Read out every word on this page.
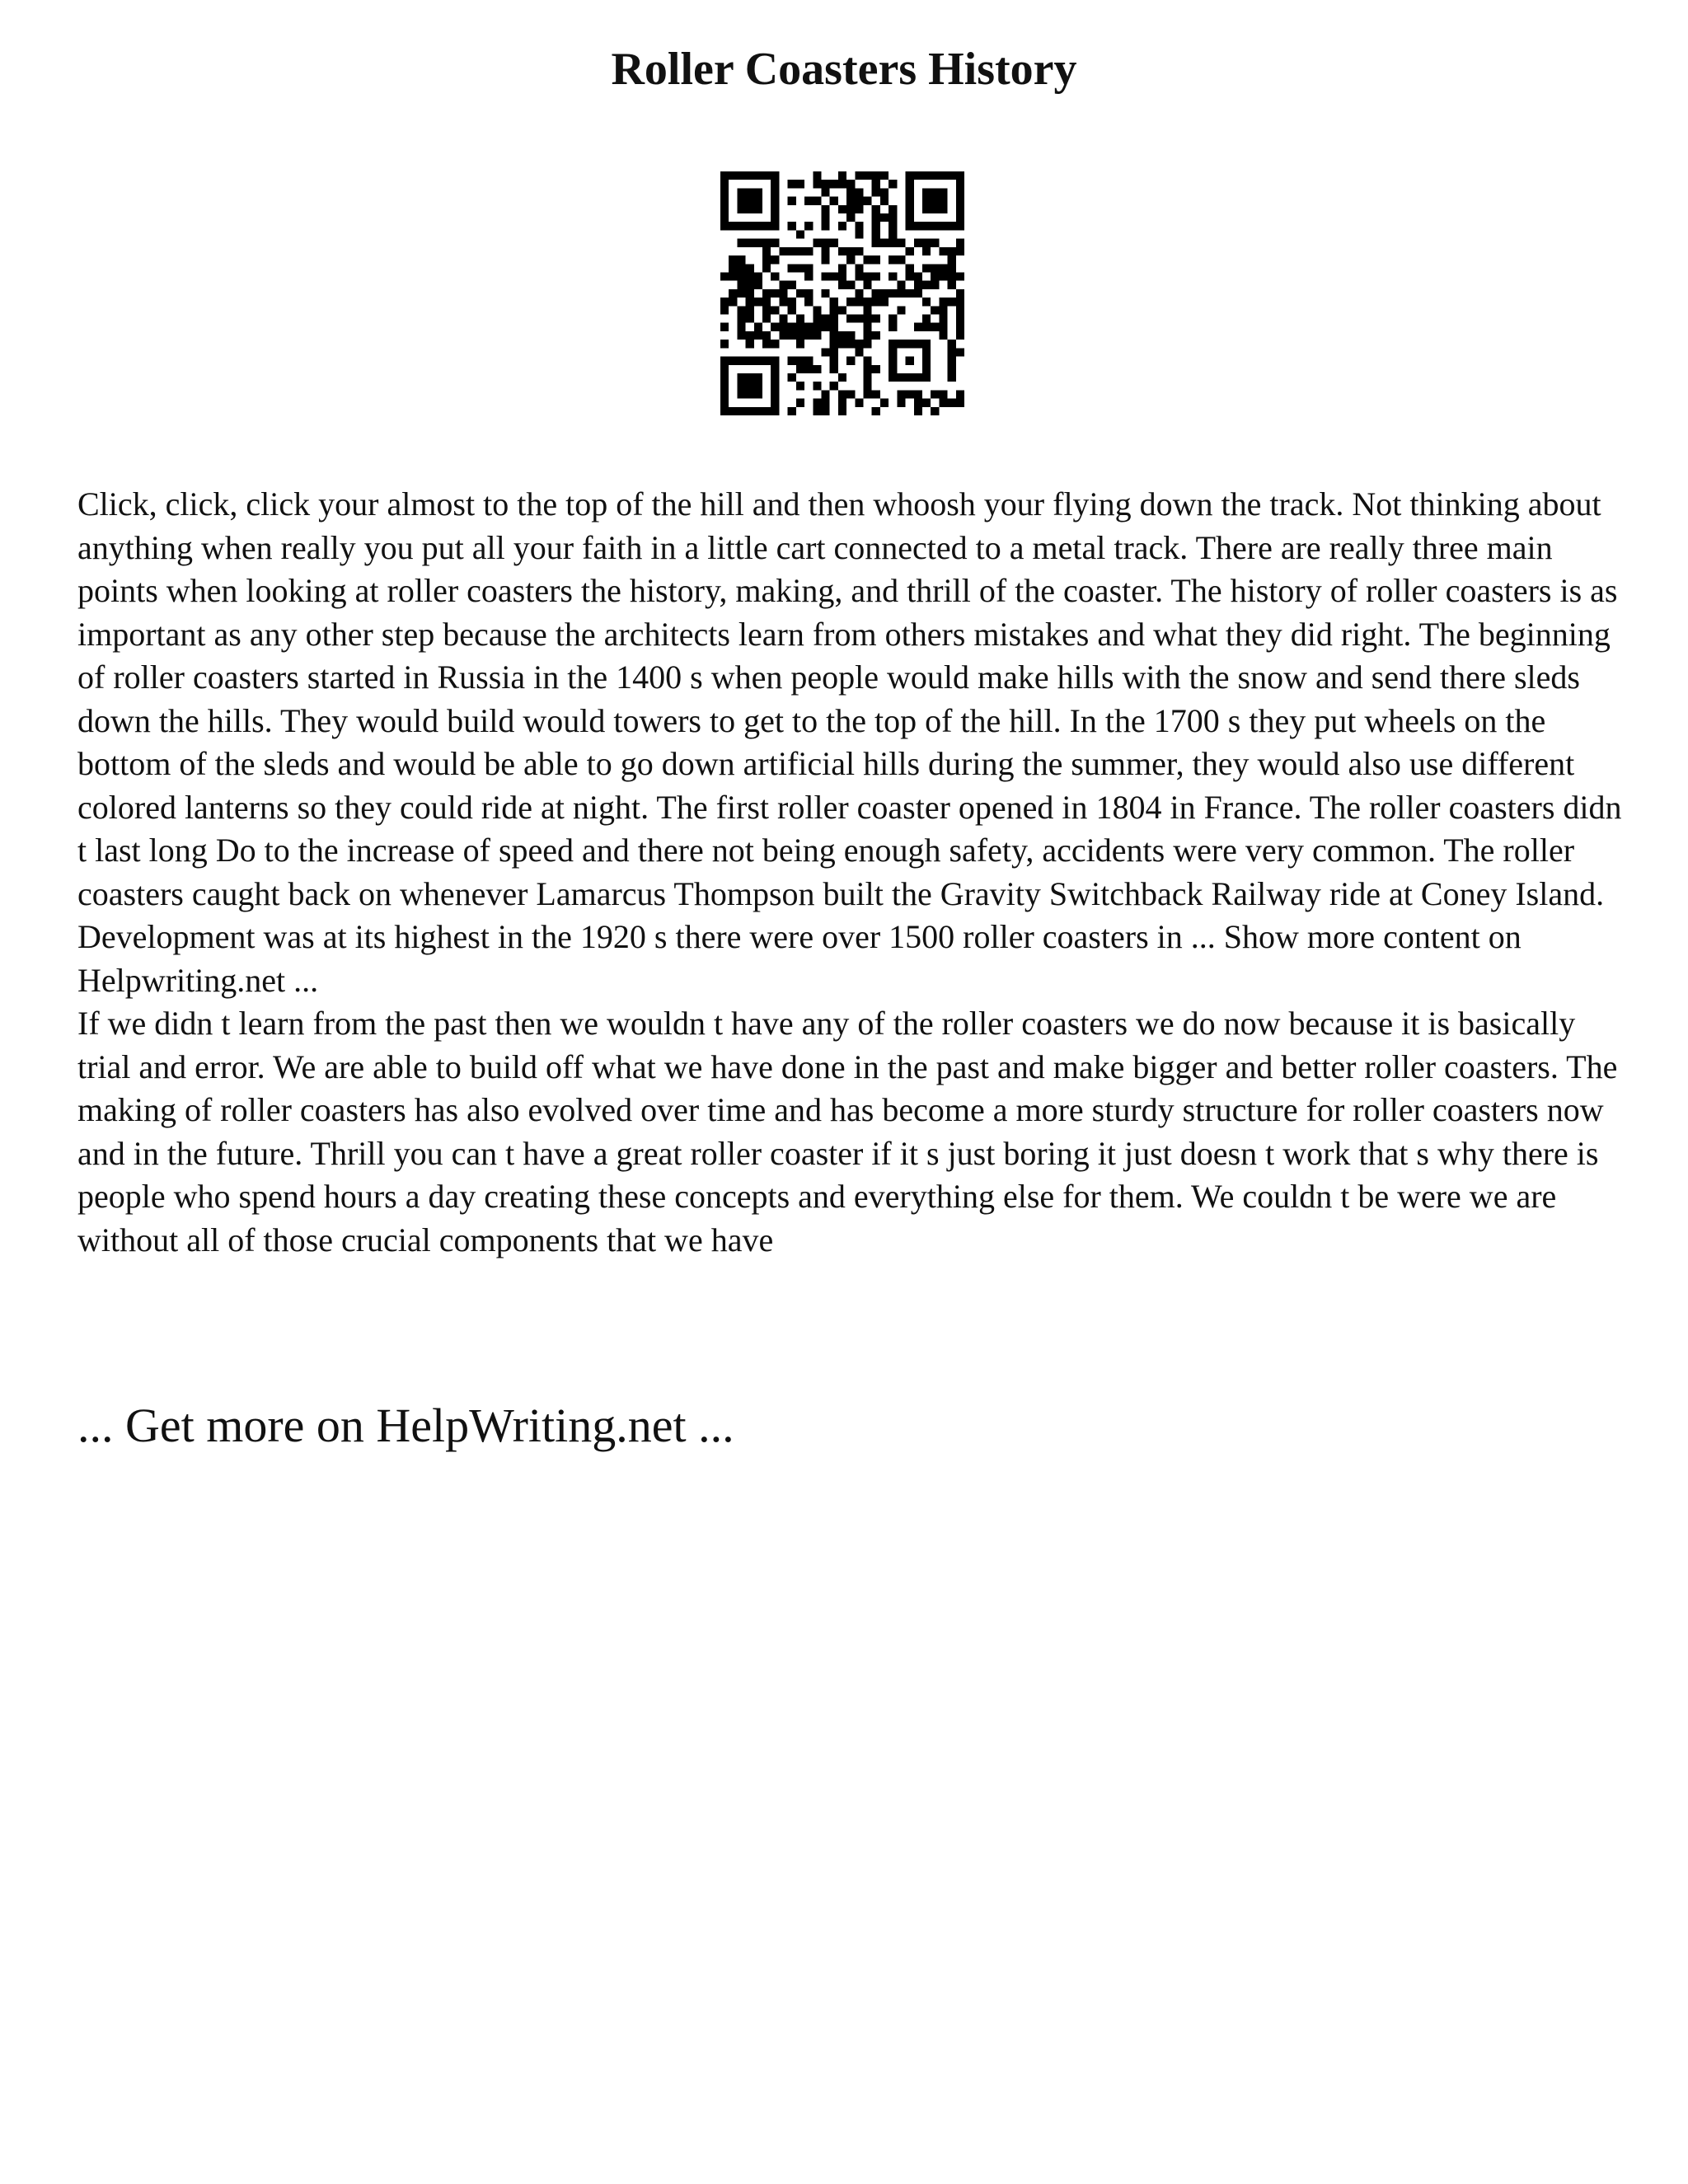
Roller Coasters History

Click, click, click your almost to the top of the hill and then whoosh your flying down the track. Not thinking about anything when really you put all your faith in a little cart connected to a metal track. There are really three main points when looking at roller coasters the history, making, and thrill of the coaster. The history of roller coasters is as important as any other step because the architects learn from others mistakes and what they did right. The beginning of roller coasters started in Russia in the 1400 s when people would make hills with the snow and send there sleds down the hills. They would build would towers to get to the top of the hill. In the 1700 s they put wheels on the bottom of the sleds and would be able to go down artificial hills during the summer, they would also use different colored lanterns so they could ride at night. The first roller coaster opened in 1804 in France. The roller coasters didn t last long Do to the increase of speed and there not being enough safety, accidents were very common. The roller coasters caught back on whenever Lamarcus Thompson built the Gravity Switchback Railway ride at Coney Island. Development was at its highest in the 1920 s there were over 1500 roller coasters in ... Show more content on Helpwriting.net ...

If we didn t learn from the past then we wouldn t have any of the roller coasters we do now because it is basically trial and error. We are able to build off what we have done in the past and make bigger and better roller coasters. The making of roller coasters has also evolved over time and has become a more sturdy structure for roller coasters now and in the future. Thrill you can t have a great roller coaster if it s just boring it just doesn t work that s why there is people who spend hours a day creating these concepts and everything else for them. We couldn t be were we are without all of those crucial components that we have

... Get more on HelpWriting.net ...
